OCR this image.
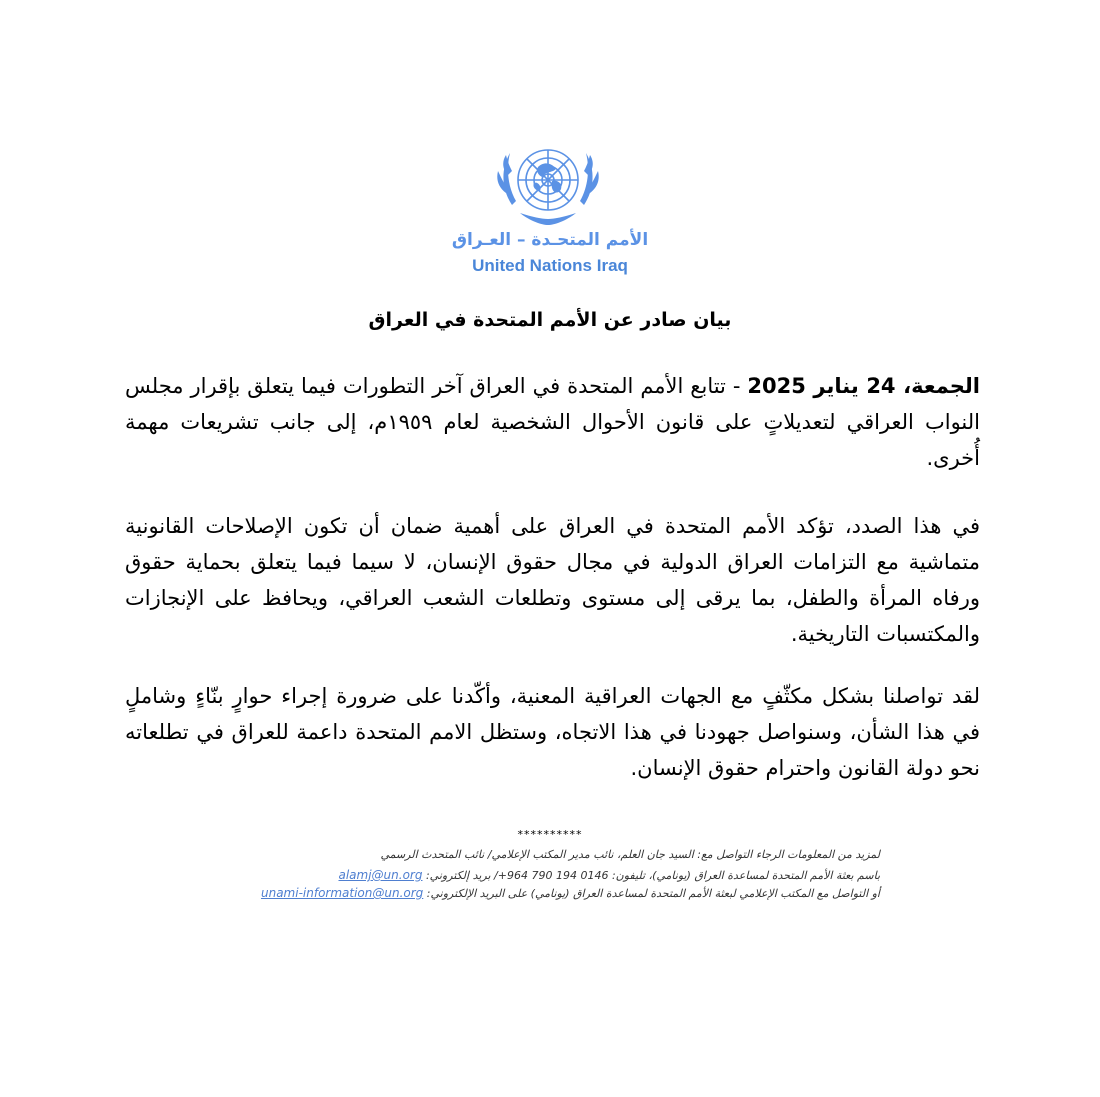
الأمم المتحـدة – العـراق
United Nations Iraq
بيان صادر عن الأمم المتحدة في العراق
الجمعة، 24 يناير 2025 - تتابع الأمم المتحدة في العراق آخر التطورات فيما يتعلق بإقرار مجلس النواب العراقي لتعديلاتٍ على قانون الأحوال الشخصية لعام ١٩٥٩م، إلى جانب تشريعات مهمة أُخرى.
في هذا الصدد، تؤكد الأمم المتحدة في العراق على أهمية ضمان أن تكون الإصلاحات القانونية متماشية مع التزامات العراق الدولية في مجال حقوق الإنسان، لا سيما فيما يتعلق بحماية حقوق ورفاه المرأة والطفل، بما يرقى إلى مستوى وتطلعات الشعب العراقي، ويحافظ على الإنجازات والمكتسبات التاريخية.
لقد تواصلنا بشكل مكثّفٍ مع الجهات العراقية المعنية، وأكّدنا على ضرورة إجراء حوارٍ بنّاءٍ وشاملٍ في هذا الشأن، وسنواصل جهودنا في هذا الاتجاه، وستظل الامم المتحدة داعمة للعراق في تطلعاته نحو دولة القانون واحترام حقوق الإنسان.
**********
لمزيد من المعلومات الرجاء التواصل مع: السيد جان العلم، نائب مدير المكتب الإعلامي/ نائب المتحدث الرسمي
باسم بعثة الأمم المتحدة لمساعدة العراق (يونامي)، تليفون: 0146 194 790 964+/ بريد إلكتروني: alamj@un.org
أو التواصل مع المكتب الإعلامي لبعثة الأمم المتحدة لمساعدة العراق (يونامي) على البريد الإلكتروني: unami-information@un.org
